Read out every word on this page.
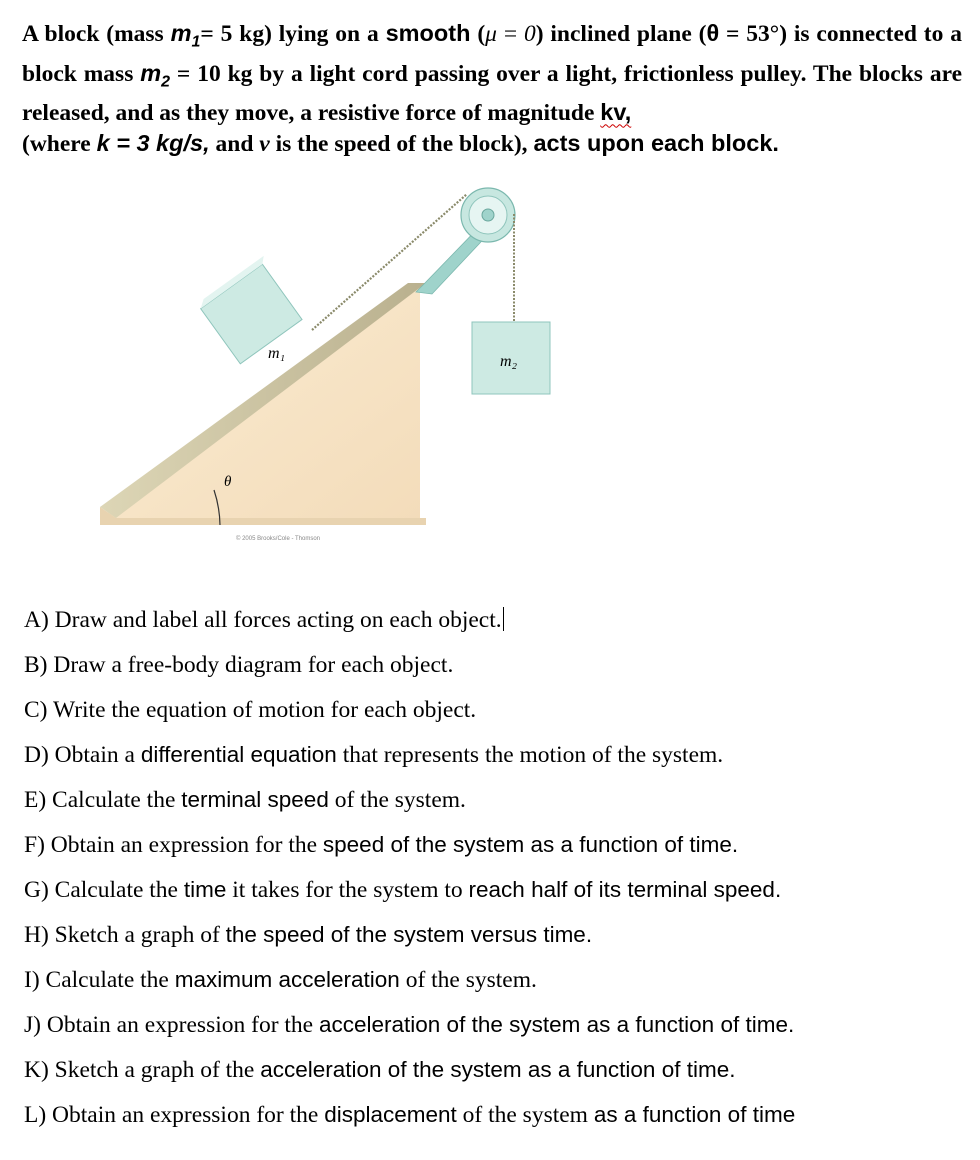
A block (mass $m_1= 5$ kg) lying on a smooth (μ = 0) inclined plane (θ = 53°) is connected to a block mass $m_2 = 10$ kg by a light cord passing over a light, frictionless pulley. The blocks are released, and as they move, a resistive force of magnitude kv,
(where k = 3 kg/s, and v is the speed of the block), acts upon each block.
θ
m₁	m₂
© 2005 Brooks/Cole - Thomson
A) Draw and label all forces acting on each object.
B) Draw a free-body diagram for each object.
C) Write the equation of motion for each object.
D) Obtain a differential equation that represents the motion of the system.
E) Calculate the terminal speed of the system.
F) Obtain an expression for the speed of the system as a function of time.
G) Calculate the time it takes for the system to reach half of its terminal speed.
H) Sketch a graph of the speed of the system versus time.
I) Calculate the maximum acceleration of the system.
J) Obtain an expression for the acceleration of the system as a function of time.
K) Sketch a graph of the acceleration of the system as a function of time.
L) Obtain an expression for the displacement of the system as a function of time
